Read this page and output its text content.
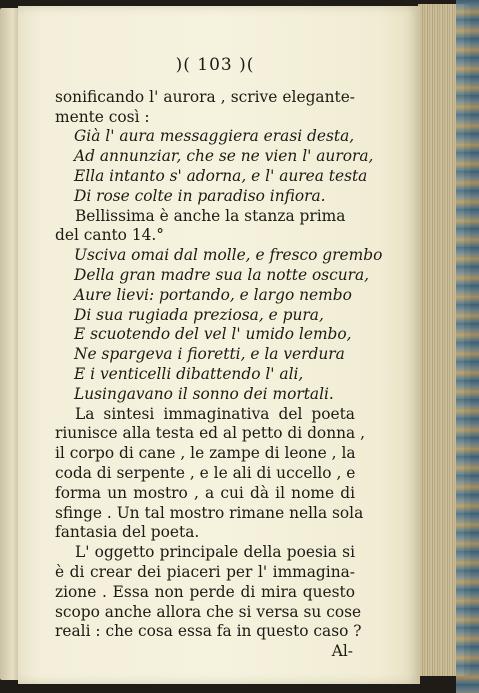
)( 103 )(
sonificando l' aurora , scrive elegante-
mente così :
Già l' aura messaggiera erasi desta,
Ad annunziar, che se ne vien l' aurora,
Ella intanto s' adorna, e l' aurea testa
Di rose colte in paradiso infiora.
Bellissima è anche la stanza prima
del canto 14.°
Usciva omai dal molle, e fresco grembo
Della gran madre sua la notte oscura,
Aure lievi: portando, e largo nembo
Di sua rugiada preziosa, e pura,
E scuotendo del vel l' umido lembo,
Ne spargeva i fioretti, e la verdura
E i venticelli dibattendo l' ali,
Lusingavano il sonno dei mortali.
La sintesi immaginativa del poeta
riunisce alla testa ed al petto di donna ,
il corpo di cane , le zampe di leone , la
coda di serpente , e le ali di uccello , e
forma un mostro , a cui dà il nome di
sfinge . Un tal mostro rimane nella sola
fantasia del poeta.
L' oggetto principale della poesia si
è di crear dei piaceri per l' immagina-
zione . Essa non perde di mira questo
scopo anche allora che si versa su cose
reali : che cosa essa fa in questo caso ?
Al-
